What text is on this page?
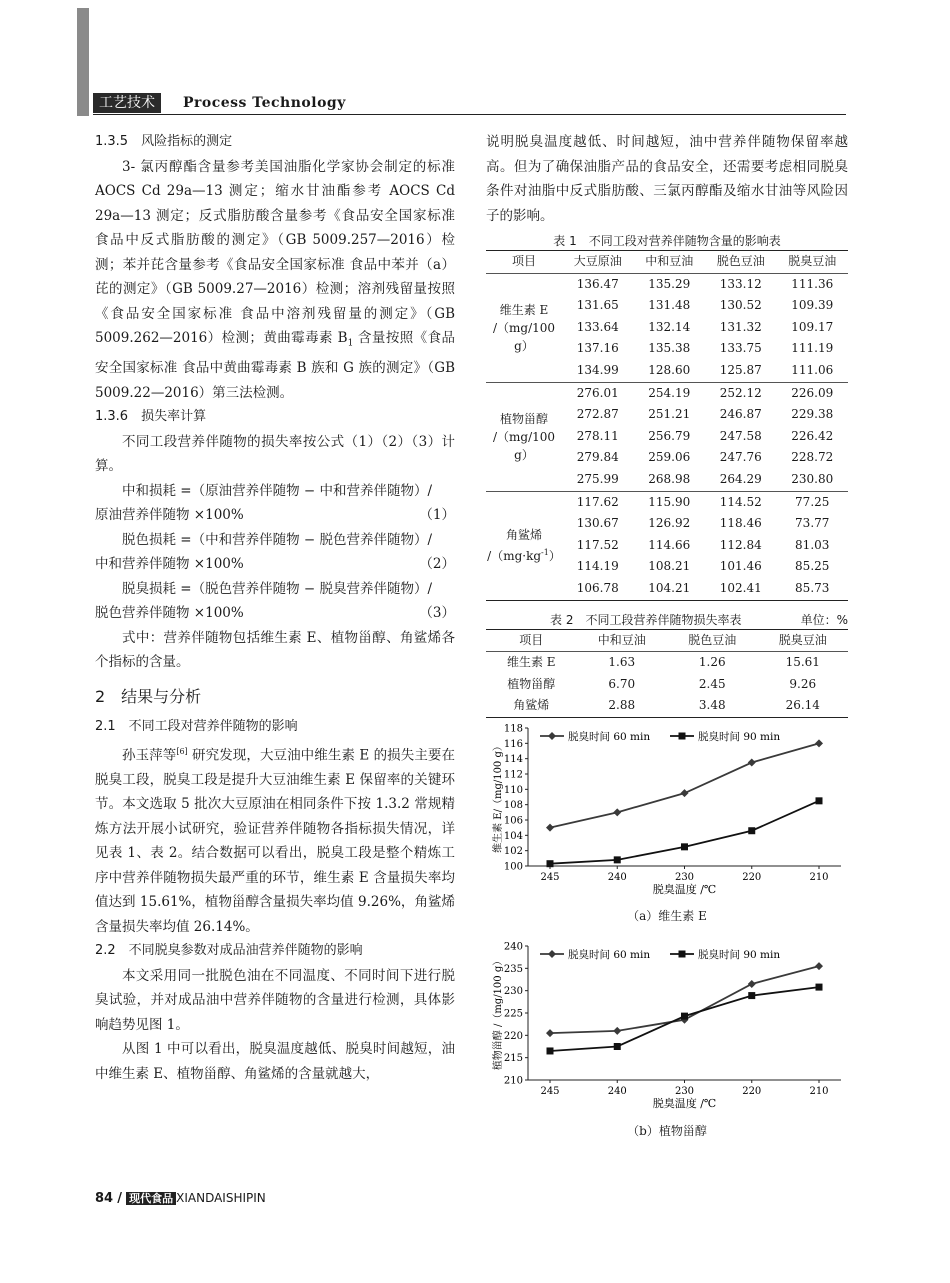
工艺技术	Process Technology

1.3.5　风险指标的测定

3- 氯丙醇酯含量参考美国油脂化学家协会制定的标准 AOCS Cd 29a—13 测定；缩水甘油酯参考 AOCS Cd 29a—13 测定；反式脂肪酸含量参考《食品安全国家标准 食品中反式脂肪酸的测定》（GB 5009.257—2016）检测；苯并芘含量参考《食品安全国家标准 食品中苯并（a）芘的测定》（GB 5009.27—2016）检测；溶剂残留量按照《食品安全国家标准 食品中溶剂残留量的测定》（GB 5009.262—2016）检测；黄曲霉毒素 $B_1$ 含量按照《食品安全国家标准 食品中黄曲霉毒素 B 族和 G 族的测定》（GB 5009.22—2016）第三法检测。

1.3.6　损失率计算

不同工段营养伴随物的损失率按公式（1）（2）（3）计算。

中和损耗 =（原油营养伴随物 − 中和营养伴随物）/

原油营养伴随物 ×100%	（1）

脱色损耗 =（中和营养伴随物 − 脱色营养伴随物）/

中和营养伴随物 ×100%	（2）

脱臭损耗 =（脱色营养伴随物 − 脱臭营养伴随物）/

脱色营养伴随物 ×100%	（3）

式中：营养伴随物包括维生素 E、植物甾醇、角鲨烯各个指标的含量。

2　结果与分析

2.1　不同工段对营养伴随物的影响

孙玉萍等[6] 研究发现，大豆油中维生素 E 的损失主要在脱臭工段，脱臭工段是提升大豆油维生素 E 保留率的关键环节。本文选取 5 批次大豆原油在相同条件下按 1.3.2 常规精炼方法开展小试研究，验证营养伴随物各指标损失情况，详见表 1、表 2。结合数据可以看出，脱臭工段是整个精炼工序中营养伴随物损失最严重的环节，维生素 E 含量损失率均值达到 15.61%，植物甾醇含量损失率均值 9.26%，角鲨烯含量损失率均值 26.14%。

2.2　不同脱臭参数对成品油营养伴随物的影响

本文采用同一批脱色油在不同温度、不同时间下进行脱臭试验，并对成品油中营养伴随物的含量进行检测，具体影响趋势见图 1。

从图 1 中可以看出，脱臭温度越低、脱臭时间越短，油中维生素 E、植物甾醇、角鲨烯的含量就越大，

说明脱臭温度越低、时间越短，油中营养伴随物保留率越高。但为了确保油脂产品的食品安全，还需要考虑相同脱臭条件对油脂中反式脂肪酸、三氯丙醇酯及缩水甘油等风险因子的影响。

表 1　不同工段对营养伴随物含量的影响表
项目	大豆原油	中和豆油	脱色豆油	脱臭豆油

维生素 E
/（mg/100 g）	136.47	135.29	133.12	111.36
	131.65	131.48	130.52	109.39
	133.64	132.14	131.32	109.17
	137.16	135.38	133.75	111.19
	134.99	128.60	125.87	111.06

植物甾醇
/（mg/100 g）	276.01	254.19	252.12	226.09
	272.87	251.21	246.87	229.38
	278.11	256.79	247.58	226.42
	279.84	259.06	247.76	228.72
	275.99	268.98	264.29	230.80

角鲨烯
$/(mg\cdot kg^{-1})$	117.62	115.90	114.52	77.25
	130.67	126.92	118.46	73.77
	117.52	114.66	112.84	81.03
	114.19	108.21	101.46	85.25
	106.78	104.21	102.41	85.73
表 2　不同工段营养伴随物损失率表	单位：%
项目	中和豆油	脱色豆油	脱臭豆油
维生素 E	1.63	1.26	15.61
植物甾醇	6.70	2.45	9.26
角鲨烯	2.88	3.48	26.14
100
102
104
106
108
110
112
114
116
118
245	240	230	220	210
脱臭温度 /℃
维生素 E/（mg/100 g）
脱臭时间 60 min	脱臭时间 90 min
（a）维生素 E
210
215
220
225
230
235
240
245	240	230	220	210
脱臭温度 /℃
植物甾醇 /（mg/100 g）
脱臭时间 60 min	脱臭时间 90 min
（b）植物甾醇
84 / 现代食品 XIANDAISHIPIN
